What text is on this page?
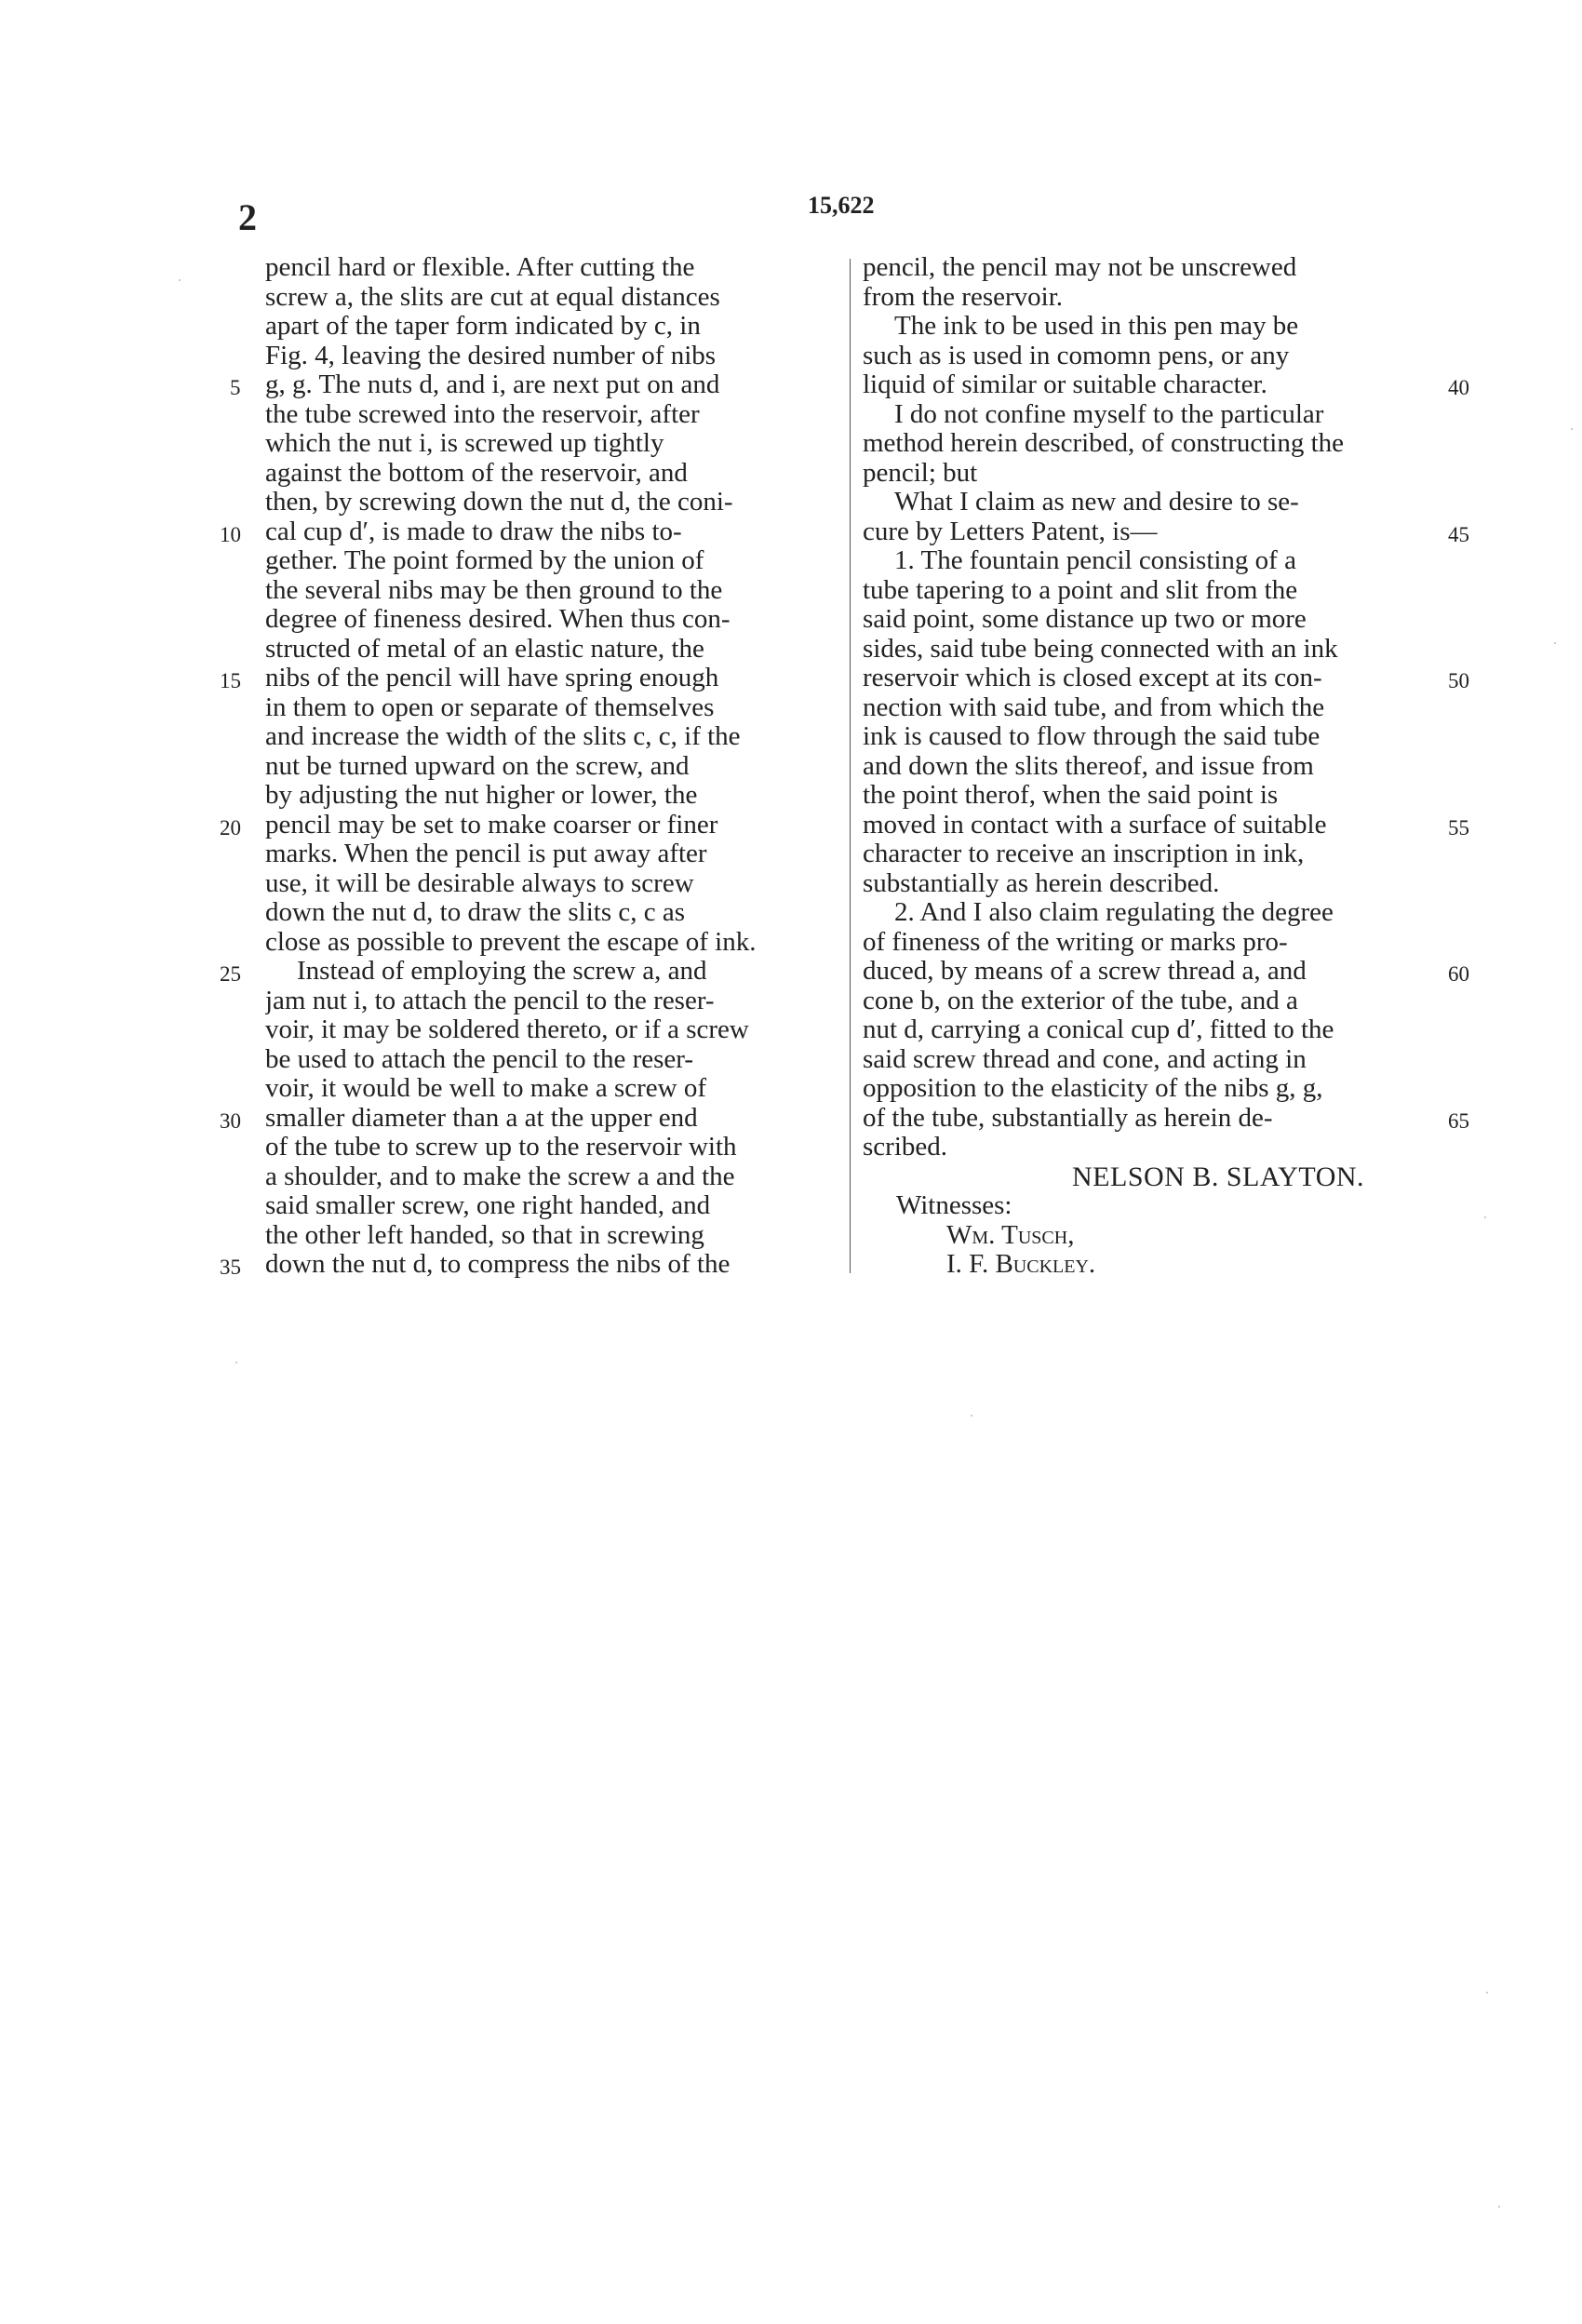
2	15,622
pencil hard or flexible. After cutting the
screw a, the slits are cut at equal distances
apart of the taper form indicated by c, in
Fig. 4, leaving the desired number of nibs
g, g. The nuts d, and i, are next put on and
the tube screwed into the reservoir, after
which the nut i, is screwed up tightly
against the bottom of the reservoir, and
then, by screwing down the nut d, the coni-
cal cup d′, is made to draw the nibs to-
gether. The point formed by the union of
the several nibs may be then ground to the
degree of fineness desired. When thus con-
structed of metal of an elastic nature, the
nibs of the pencil will have spring enough
in them to open or separate of themselves
and increase the width of the slits c, c, if the
nut be turned upward on the screw, and
by adjusting the nut higher or lower, the
pencil may be set to make coarser or finer
marks. When the pencil is put away after
use, it will be desirable always to screw
down the nut d, to draw the slits c, c as
close as possible to prevent the escape of ink.
Instead of employing the screw a, and
jam nut i, to attach the pencil to the reser-
voir, it may be soldered thereto, or if a screw
be used to attach the pencil to the reser-
voir, it would be well to make a screw of
smaller diameter than a at the upper end
of the tube to screw up to the reservoir with
a shoulder, and to make the screw a and the
said smaller screw, one right handed, and
the other left handed, so that in screwing
down the nut d, to compress the nibs of the
pencil, the pencil may not be unscrewed
from the reservoir.
The ink to be used in this pen may be
such as is used in comomn pens, or any
liquid of similar or suitable character.
I do not confine myself to the particular
method herein described, of constructing the
pencil; but
What I claim as new and desire to se-
cure by Letters Patent, is—
1. The fountain pencil consisting of a
tube tapering to a point and slit from the
said point, some distance up two or more
sides, said tube being connected with an ink
reservoir which is closed except at its con-
nection with said tube, and from which the
ink is caused to flow through the said tube
and down the slits thereof, and issue from
the point therof, when the said point is
moved in contact with a surface of suitable
character to receive an inscription in ink,
substantially as herein described.
2. And I also claim regulating the degree
of fineness of the writing or marks pro-
duced, by means of a screw thread a, and
cone b, on the exterior of the tube, and a
nut d, carrying a conical cup d′, fitted to the
said screw thread and cone, and acting in
opposition to the elasticity of the nibs g, g,
of the tube, substantially as herein de-
scribed.
NELSON B. SLAYTON.
Witnesses:
Wm. Tusch,
I. F. Buckley.
5
10
15
20
25
30
35
40
45
50
55
60
65
